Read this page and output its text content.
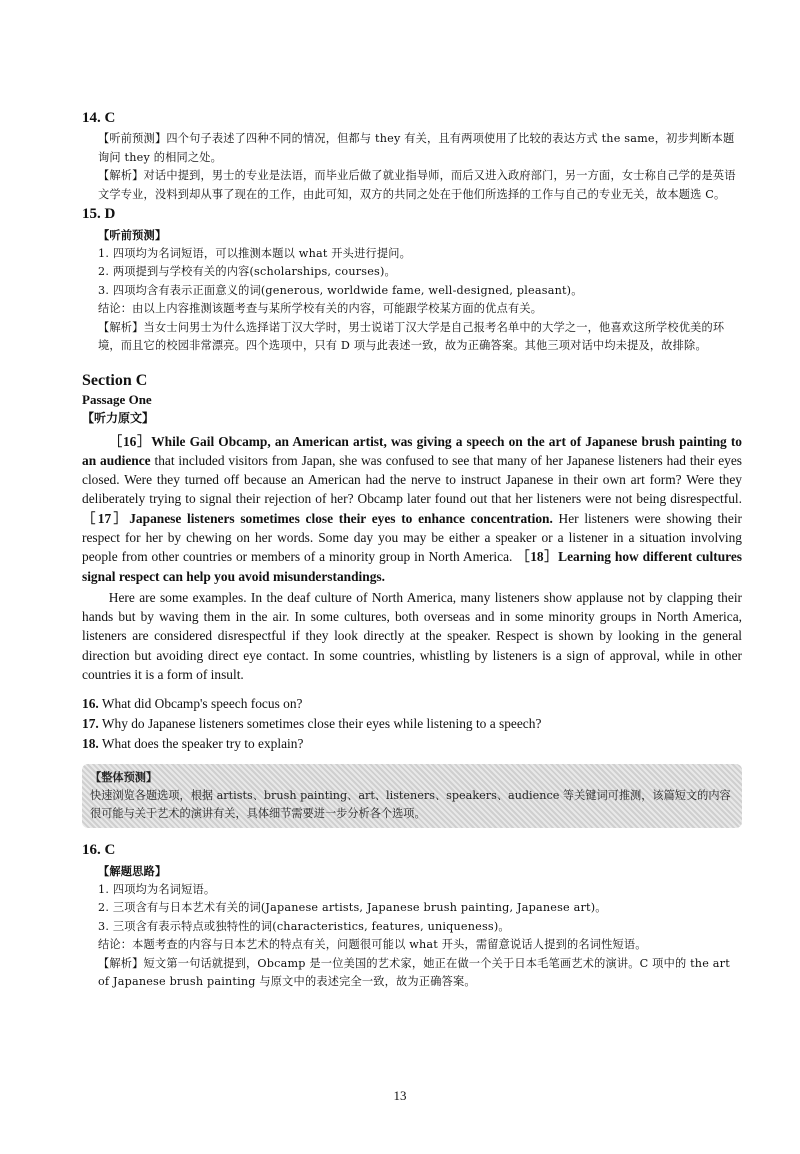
14. C

【听前预测】四个句子表述了四种不同的情况，但都与 they 有关，且有两项使用了比较的表达方式 the same，初步判断本题询问 they 的相同之处。

【解析】对话中提到，男士的专业是法语，而毕业后做了就业指导师，而后又进入政府部门，另一方面，女士称自己学的是英语文学专业，没料到却从事了现在的工作，由此可知，双方的共同之处在于他们所选择的工作与自己的专业无关，故本题选 C。

15. D

【听前预测】

1. 四项均为名词短语，可以推测本题以 what 开头进行提问。

2. 两项提到与学校有关的内容(scholarships, courses)。

3. 四项均含有表示正面意义的词(generous, worldwide fame, well-designed, pleasant)。

结论：由以上内容推测该题考查与某所学校有关的内容，可能跟学校某方面的优点有关。

【解析】当女士问男士为什么选择诺丁汉大学时，男士说诺丁汉大学是自己报考名单中的大学之一，他喜欢这所学校优美的环境，而且它的校园非常漂亮。四个选项中，只有 D 项与此表述一致，故为正确答案。其他三项对话中均未提及，故排除。

Section C

Passage One

【听力原文】

［16］While Gail Obcamp, an American artist, was giving a speech on the art of Japanese brush painting to an audience that included visitors from Japan, she was confused to see that many of her Japanese listeners had their eyes closed. Were they turned off because an American had the nerve to instruct Japanese in their own art form? Were they deliberately trying to signal their rejection of her? Obcamp later found out that her listeners were not being disrespectful. ［17］Japanese listeners sometimes close their eyes to enhance concentration. Her listeners were showing their respect for her by chewing on her words. Some day you may be either a speaker or a listener in a situation involving people from other countries or members of a minority group in North America. ［18］Learning how different cultures signal respect can help you avoid misunderstandings.

Here are some examples. In the deaf culture of North America, many listeners show applause not by clapping their hands but by waving them in the air. In some cultures, both overseas and in some minority groups in North America, listeners are considered disrespectful if they look directly at the speaker. Respect is shown by looking in the general direction but avoiding direct eye contact. In some countries, whistling by listeners is a sign of approval, while in other countries it is a form of insult.

16. What did Obcamp's speech focus on?
17. Why do Japanese listeners sometimes close their eyes while listening to a speech?
18. What does the speaker try to explain?
【整体预测】
快速浏览各题选项，根据 artists、brush painting、art、listeners、speakers、audience 等关键词可推测，该篇短文的内容很可能与关于艺术的演讲有关，具体细节需要进一步分析各个选项。

16. C

【解题思路】

1. 四项均为名词短语。

2. 三项含有与日本艺术有关的词(Japanese artists, Japanese brush painting, Japanese art)。

3. 三项含有表示特点或独特性的词(characteristics, features, uniqueness)。

结论：本题考查的内容与日本艺术的特点有关，问题很可能以 what 开头，需留意说话人提到的名词性短语。

【解析】短文第一句话就提到，Obcamp 是一位美国的艺术家，她正在做一个关于日本毛笔画艺术的演讲。C 项中的 the art of Japanese brush painting 与原文中的表述完全一致，故为正确答案。

13
